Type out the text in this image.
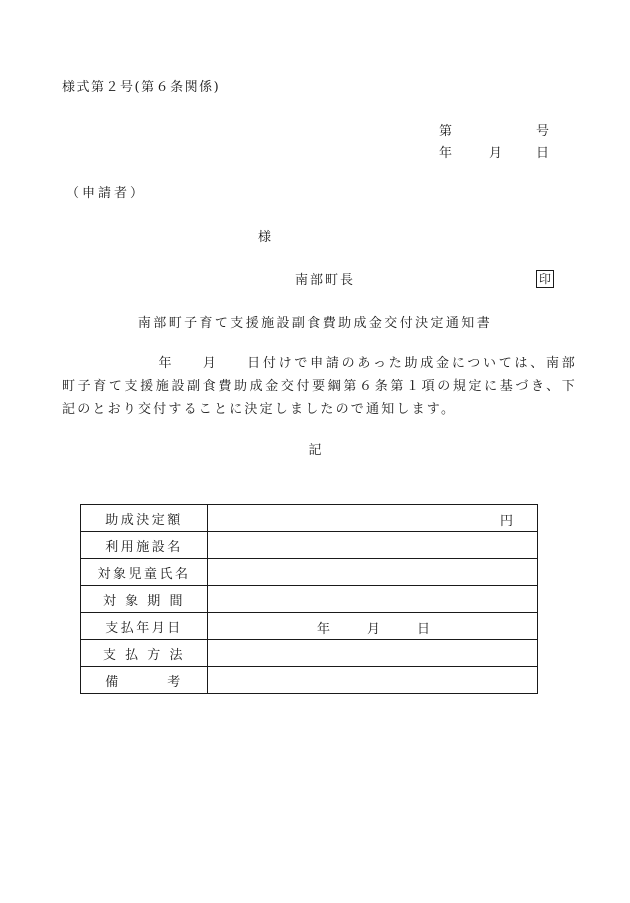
様式第２号(第６条関係)
第	号
年	月	日
（申請者）
様
南部町長	印
南部町子育て支援施設副食費助成金交付決定通知書
年 月 日付けで申請のあった助成金については、南部町子育て支援施設副食費助成金交付要綱第６条第１項の規定に基づき、下記のとおり交付することに決定しましたので通知します。
記
助成決定額	円

利用施設名	
対象児童氏名	
対 象 期 間	
支払年月日	年 月 日

支 払 方 法	
備　　　考	
